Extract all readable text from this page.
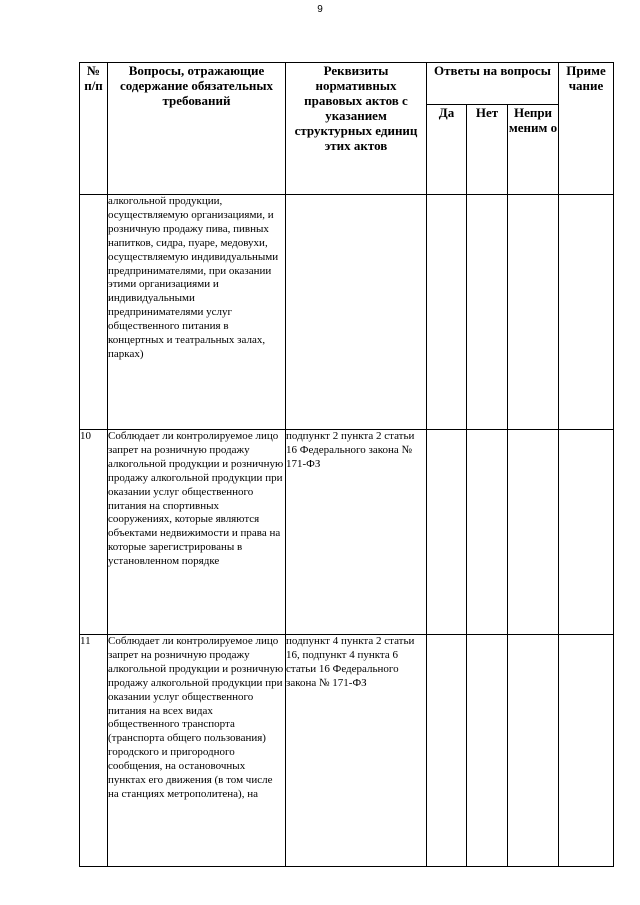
9
№ п/п	Вопросы, отражающие содержание обязательных требований	Реквизиты нормативных правовых актов с указанием структурных единиц этих актов	Ответы на вопросы			Приме чание
			Да	Нет	Непри меним о	
	алкогольной продукции, осуществляемую организациями, и розничную продажу пива, пивных напитков, сидра, пуаре, медовухи, осуществляемую индивидуальными предпринимателями, при оказании этими организациями и индивидуальными предпринимателями услуг общественного питания в концертных и театральных залах, парках)					
10	Соблюдает ли контролируемое лицо запрет на розничную продажу алкогольной продукции и розничную продажу алкогольной продукции при оказании услуг общественного питания на спортивных сооружениях, которые являются объектами недвижимости и права на которые зарегистрированы в установленном порядке	подпункт 2 пункта 2 статьи 16 Федерального закона № 171-ФЗ				
11	Соблюдает ли контролируемое лицо запрет на розничную продажу алкогольной продукции и розничную продажу алкогольной продукции при оказании услуг общественного питания на всех видах общественного транспорта (транспорта общего пользования) городского и пригородного сообщения, на остановочных пунктах его движения (в том числе на станциях метрополитена), на	подпункт 4 пункта 2 статьи 16, подпункт 4 пункта 6 статьи 16 Федерального закона № 171-ФЗ				
